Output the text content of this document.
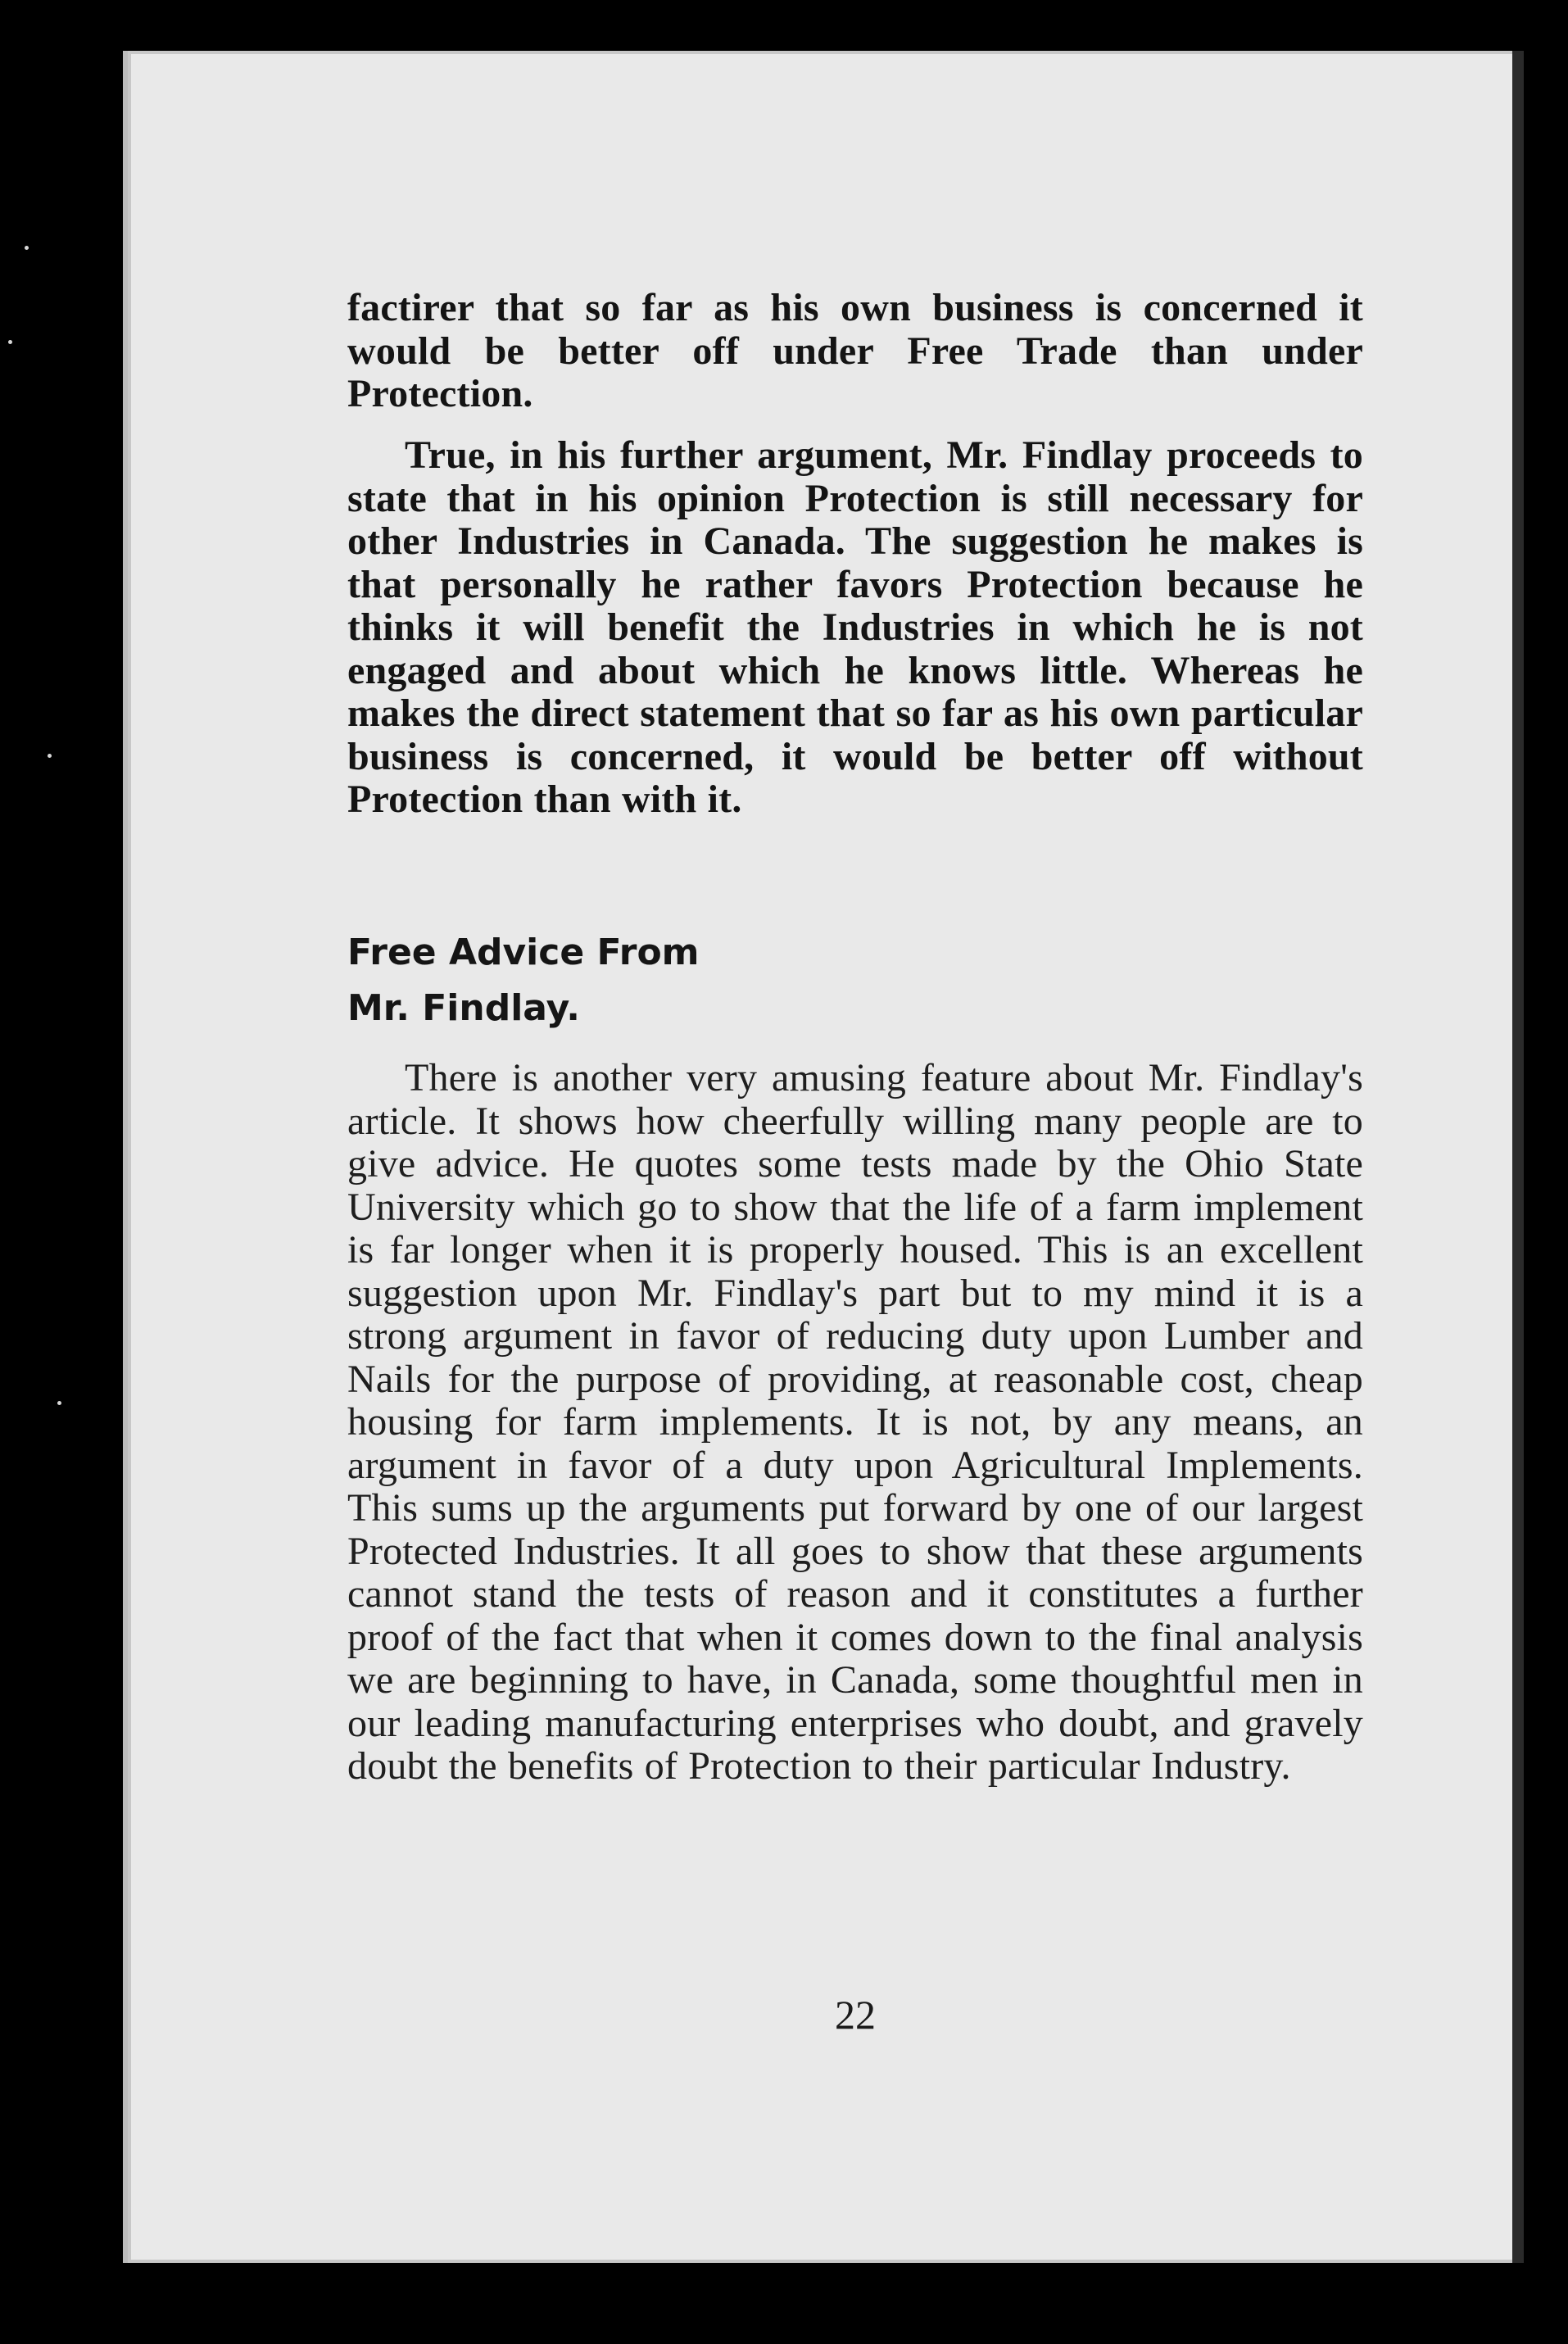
factirer that so far as his own business is concerned it would be better off under Free Trade than under Protection.

True, in his further argument, Mr. Findlay proceeds to state that in his opinion Protection is still necessary for other Industries in Canada. The suggestion he makes is that personally he rather favors Protection because he thinks it will benefit the Industries in which he is not engaged and about which he knows little. Whereas he makes the direct statement that so far as his own particular business is concerned, it would be better off without Protection than with it.

Free Advice From
Mr. Findlay.

There is another very amusing feature about Mr. Findlay's article. It shows how cheerfully willing many people are to give advice. He quotes some tests made by the Ohio State University which go to show that the life of a farm implement is far longer when it is properly housed. This is an excellent suggestion upon Mr. Findlay's part but to my mind it is a strong argument in favor of reducing duty upon Lumber and Nails for the purpose of providing, at reasonable cost, cheap housing for farm implements. It is not, by any means, an argument in favor of a duty upon Agricultural Implements. This sums up the arguments put forward by one of our largest Protected Industries. It all goes to show that these arguments cannot stand the tests of reason and it constitutes a further proof of the fact that when it comes down to the final analysis we are beginning to have, in Canada, some thoughtful men in our leading manufacturing enterprises who doubt, and gravely doubt the benefits of Protection to their particular Industry.

22
